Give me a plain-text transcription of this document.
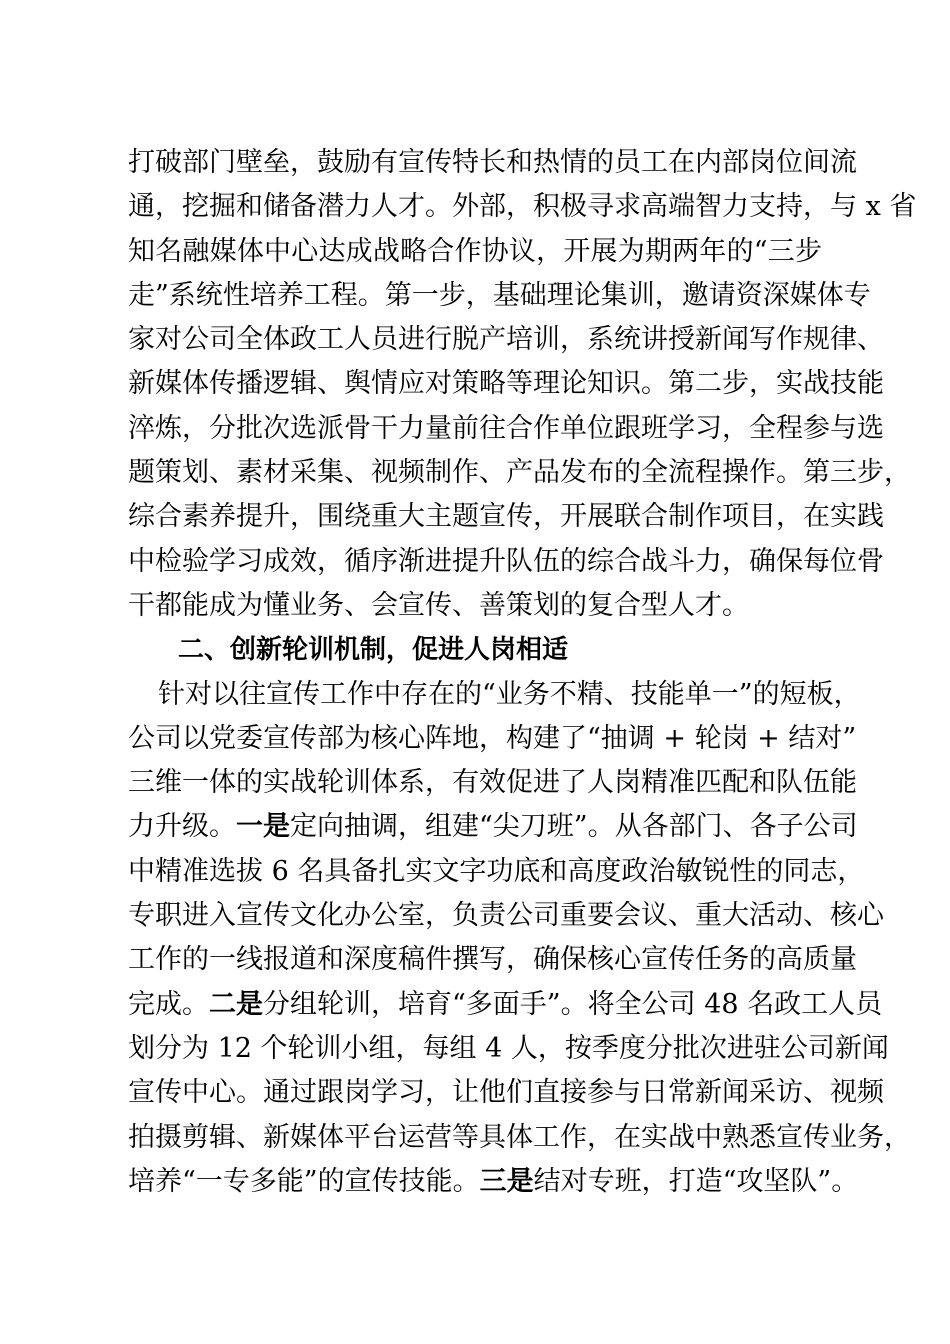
打破部门壁垒，鼓励有宣传特长和热情的员工在内部岗位间流
通，挖掘和储备潜力人才。外部，积极寻求高端智力支持，与 x 省
知名融媒体中心达成战略合作协议，开展为期两年的“三步
走”系统性培养工程。第一步，基础理论集训，邀请资深媒体专
家对公司全体政工人员进行脱产培训，系统讲授新闻写作规律、
新媒体传播逻辑、舆情应对策略等理论知识。第二步，实战技能
淬炼，分批次选派骨干力量前往合作单位跟班学习，全程参与选
题策划、素材采集、视频制作、产品发布的全流程操作。第三步，
综合素养提升，围绕重大主题宣传，开展联合制作项目，在实践
中检验学习成效，循序渐进提升队伍的综合战斗力，确保每位骨
干都能成为懂业务、会宣传、善策划的复合型人才。
二、创新轮训机制，促进人岗相适
针对以往宣传工作中存在的“业务不精、技能单一”的短板，
公司以党委宣传部为核心阵地，构建了“抽调 + 轮岗 + 结对”
三维一体的实战轮训体系，有效促进了人岗精准匹配和队伍能
力升级。一是定向抽调，组建“尖刀班”。从各部门、各子公司
中精准选拔 6 名具备扎实文字功底和高度政治敏锐性的同志，
专职进入宣传文化办公室，负责公司重要会议、重大活动、核心
工作的一线报道和深度稿件撰写，确保核心宣传任务的高质量
完成。二是分组轮训，培育“多面手”。将全公司 48 名政工人员
划分为 12 个轮训小组，每组 4 人，按季度分批次进驻公司新闻
宣传中心。通过跟岗学习，让他们直接参与日常新闻采访、视频
拍摄剪辑、新媒体平台运营等具体工作，在实战中熟悉宣传业务，
培养“一专多能”的宣传技能。三是结对专班，打造“攻坚队”。
